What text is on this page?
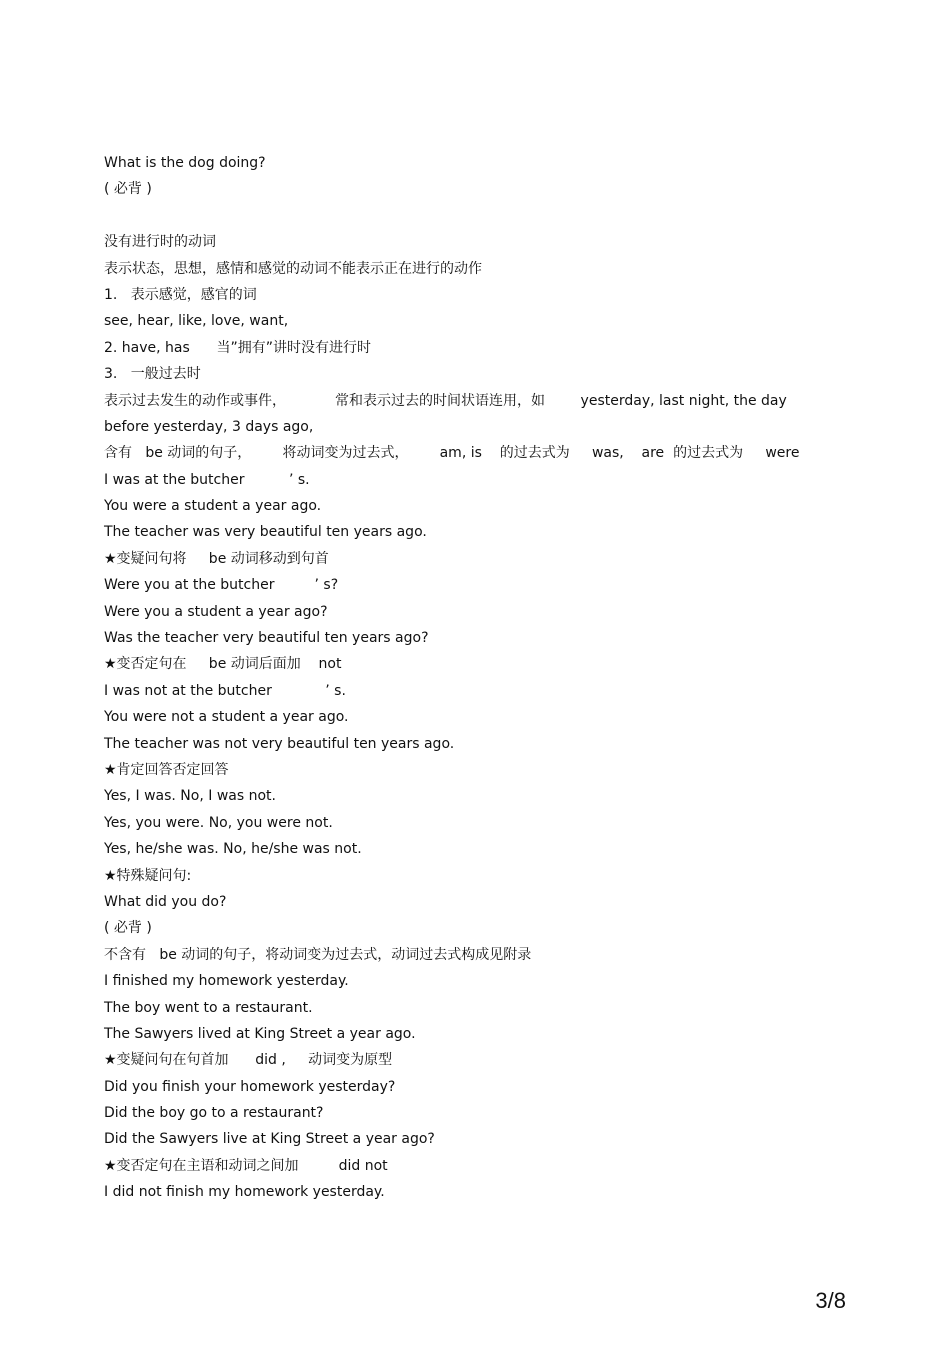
What is the dog doing?
( 必背 )
没有进行时的动词
表示状态，思想，感情和感觉的动词不能表示正在进行的动作
1.   表示感觉，感官的词
see, hear, like, love, want,
2. have, has      当”拥有”讲时没有进行时
3.   一般过去时
表示过去发生的动作或事件，           常和表示过去的时间状语连用，如        yesterday, last night, the day
before yesterday, 3 days ago,
含有   be 动词的句子，       将动词变为过去式，       am, is    的过去式为     was,    are  的过去式为     were
I was at the butcher          ’ s.
You were a student a year ago.
The teacher was very beautiful ten years ago.
★变疑问句将     be 动词移动到句首
Were you at the butcher         ’ s?
Were you a student a year ago?
Was the teacher very beautiful ten years ago?
★变否定句在     be 动词后面加    not
I was not at the butcher            ’ s.
You were not a student a year ago.
The teacher was not very beautiful ten years ago.
★肯定回答否定回答
Yes, I was. No, I was not.
Yes, you were. No, you were not.
Yes, he/she was. No, he/she was not.
★特殊疑问句:
What did you do?
( 必背 )
不含有   be 动词的句子，将动词变为过去式，动词过去式构成见附录
I finished my homework yesterday.
The boy went to a restaurant.
The Sawyers lived at King Street a year ago.
★变疑问句在句首加      did ,     动词变为原型
Did you finish your homework yesterday?
Did the boy go to a restaurant?
Did the Sawyers live at King Street a year ago?
★变否定句在主语和动词之间加         did not
I did not finish my homework yesterday.
3/8
